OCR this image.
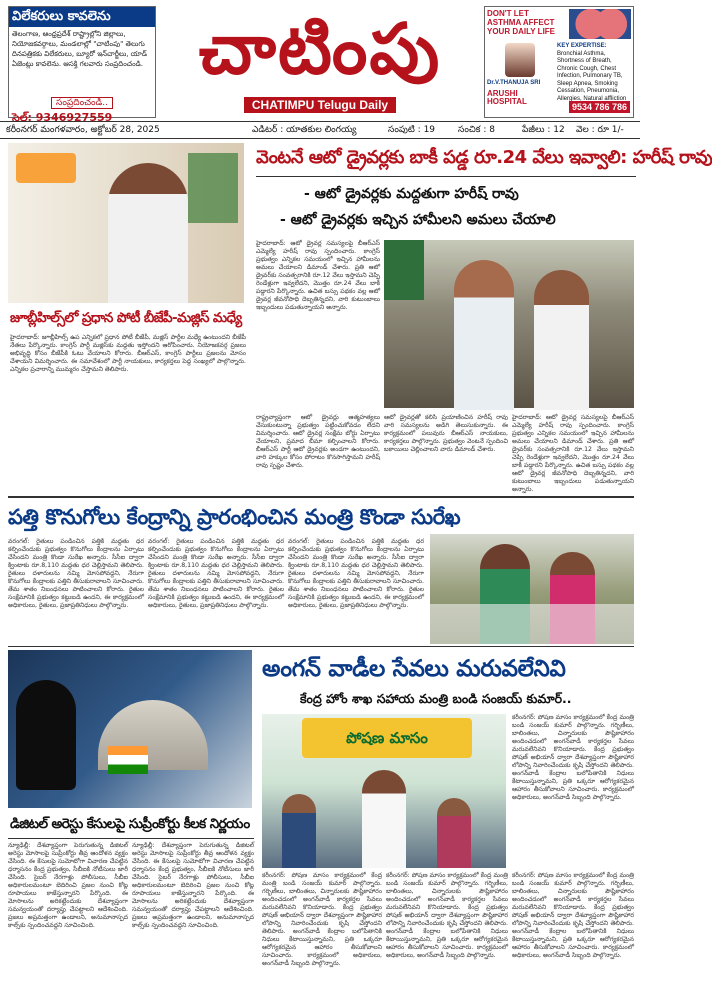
విలేకరులు కావలెను
తెలంగాణ, ఆంధ్రప్రదేశ్ రాష్ట్రాల్లోని జిల్లాలు, నియోజకవర్గాలు, మండలాల్లో "చాటింపు" తెలుగు దినపత్రికకు విలేకరులు, బ్యూరో ఇన్‌చార్జీలు, యాడ్ ఏజెంట్లు కావలెను. ఆసక్తి గలవారు సంప్రదించండి.
సంప్రదించండి..
సెల్: 9346927559
చాటింపు
CHATIMPU Telugu Daily
DON'T LET ASTHMA AFFECT YOUR DAILY LIFE
Dr.V.THANUJA SRI
ARUSHI HOSPITAL
KEY EXPERTISE:
Bronchial Asthma, Shortness of Breath, Chronic Cough, Chest Infection, Pulmonary TB, Sleep Apnea, Smoking Cessation, Pneumonia, Allergies, Natural affliction
9534 786 786
కరీంనగర్ మంగళవారం, అక్టోబర్ 28, 2025	ఎడిటర్ : యాతకుల లింగయ్య	సంపుటి : 19	సంచిక : 8	పేజీలు : 12 వెల : రూ 1/-
వెంటనే ఆటో డ్రైవర్లకు బాకీ పడ్డ రూ.24 వేలు ఇవ్వాలి: హరీష్ రావు
- ఆటో డ్రైవర్లకు మద్దతుగా హరీష్ రావు
- ఆటో డ్రైవర్లకు ఇచ్చిన హామీలని అమలు చేయాలి
హైదరాబాద్: ఆటో డ్రైవర్ల సమస్యలపై బీఆర్ఎస్ ఎమ్మెల్యే హరీష్ రావు స్పందించారు. కాంగ్రెస్ ప్రభుత్వం ఎన్నికల సమయంలో ఇచ్చిన హామీలను అమలు చేయాలని డిమాండ్ చేశారు. ప్రతి ఆటో డ్రైవర్‌కు సంవత్సరానికి రూ.12 వేలు ఇస్తామని చెప్పి రెండేళ్లుగా ఇవ్వలేదని, మొత్తం రూ.24 వేలు బాకీ పడ్డారని పేర్కొన్నారు. ఉచిత బస్సు పథకం వల్ల ఆటో డ్రైవర్ల జీవనోపాధి దెబ్బతిన్నదని, వారి కుటుంబాలు ఇబ్బందులు పడుతున్నాయని అన్నారు.
రాష్ట్రవ్యాప్తంగా ఆటో డ్రైవర్లు ఆత్మహత్యలు చేసుకుంటున్నా ప్రభుత్వం పట్టించుకోవడం లేదని విమర్శించారు. ఆటో డ్రైవర్ల సంక్షేమ బోర్డు ఏర్పాటు చేయాలని, ప్రమాద బీమా కల్పించాలని కోరారు. బీఆర్ఎస్ పార్టీ ఆటో డ్రైవర్లకు అండగా ఉంటుందని, వారి హక్కుల కోసం పోరాటం కొనసాగిస్తామని హరీష్ రావు స్పష్టం చేశారు.
ఆటో డ్రైవర్లతో కలిసి ప్రయాణించిన హరీష్ రావు వారి సమస్యలను అడిగి తెలుసుకున్నారు. ఈ కార్యక్రమంలో పలువురు బీఆర్ఎస్ నాయకులు, కార్యకర్తలు పాల్గొన్నారు. ప్రభుత్వం వెంటనే స్పందించి బకాయిలు చెల్లించాలని వారు డిమాండ్ చేశారు.
హైదరాబాద్: ఆటో డ్రైవర్ల సమస్యలపై బీఆర్ఎస్ ఎమ్మెల్యే హరీష్ రావు స్పందించారు. కాంగ్రెస్ ప్రభుత్వం ఎన్నికల సమయంలో ఇచ్చిన హామీలను అమలు చేయాలని డిమాండ్ చేశారు. ప్రతి ఆటో డ్రైవర్‌కు సంవత్సరానికి రూ.12 వేలు ఇస్తామని చెప్పి రెండేళ్లుగా ఇవ్వలేదని, మొత్తం రూ.24 వేలు బాకీ పడ్డారని పేర్కొన్నారు. ఉచిత బస్సు పథకం వల్ల ఆటో డ్రైవర్ల జీవనోపాధి దెబ్బతిన్నదని, వారి కుటుంబాలు ఇబ్బందులు పడుతున్నాయని అన్నారు.
జూబ్లీహిల్స్‌లో ప్రధాన పోటీ బీజేపీ-మజ్లిస్ మధ్యే
హైదరాబాద్: జూబ్లీహిల్స్ ఉప ఎన్నికలో ప్రధాన పోటీ బీజేపీ, మజ్లిస్ పార్టీల మధ్యే ఉంటుందని బీజేపీ నేతలు పేర్కొన్నారు. కాంగ్రెస్ పార్టీ మజ్లిస్‌కు మద్దతు ఇస్తోందని ఆరోపించారు. నియోజకవర్గ ప్రజలు అభివృద్ధి కోసం బీజేపీకి ఓటు వేయాలని కోరారు. బీఆర్ఎస్, కాంగ్రెస్ పార్టీలు ప్రజలను మోసం చేశాయని విమర్శించారు. ఈ సమావేశంలో పార్టీ నాయకులు, కార్యకర్తలు పెద్ద సంఖ్యలో పాల్గొన్నారు. ఎన్నికల ప్రచారాన్ని ముమ్మరం చేస్తామని తెలిపారు.
పత్తి కొనుగోలు కేంద్రాన్ని ప్రారంభించిన మంత్రి కొండా సురేఖ
వరంగల్: రైతులు పండించిన పత్తికి మద్దతు ధర కల్పించేందుకు ప్రభుత్వం కొనుగోలు కేంద్రాలను ఏర్పాటు చేసిందని మంత్రి కొండా సురేఖ అన్నారు. సీసీఐ ద్వారా క్వింటాకు రూ.8,110 మద్దతు ధర చెల్లిస్తామని తెలిపారు. రైతులు దళారులను నమ్మి మోసపోవద్దని, నేరుగా కొనుగోలు కేంద్రాలకు పత్తిని తీసుకురావాలని సూచించారు. తేమ శాతం నిబంధనలు పాటించాలని కోరారు. రైతుల సంక్షేమానికి ప్రభుత్వం కట్టుబడి ఉందని, ఈ కార్యక్రమంలో అధికారులు, రైతులు, ప్రజాప్రతినిధులు పాల్గొన్నారు.
వరంగల్: రైతులు పండించిన పత్తికి మద్దతు ధర కల్పించేందుకు ప్రభుత్వం కొనుగోలు కేంద్రాలను ఏర్పాటు చేసిందని మంత్రి కొండా సురేఖ అన్నారు. సీసీఐ ద్వారా క్వింటాకు రూ.8,110 మద్దతు ధర చెల్లిస్తామని తెలిపారు. రైతులు దళారులను నమ్మి మోసపోవద్దని, నేరుగా కొనుగోలు కేంద్రాలకు పత్తిని తీసుకురావాలని సూచించారు. తేమ శాతం నిబంధనలు పాటించాలని కోరారు. రైతుల సంక్షేమానికి ప్రభుత్వం కట్టుబడి ఉందని, ఈ కార్యక్రమంలో అధికారులు, రైతులు, ప్రజాప్రతినిధులు పాల్గొన్నారు.
వరంగల్: రైతులు పండించిన పత్తికి మద్దతు ధర కల్పించేందుకు ప్రభుత్వం కొనుగోలు కేంద్రాలను ఏర్పాటు చేసిందని మంత్రి కొండా సురేఖ అన్నారు. సీసీఐ ద్వారా క్వింటాకు రూ.8,110 మద్దతు ధర చెల్లిస్తామని తెలిపారు. రైతులు దళారులను నమ్మి మోసపోవద్దని, నేరుగా కొనుగోలు కేంద్రాలకు పత్తిని తీసుకురావాలని సూచించారు. తేమ శాతం నిబంధనలు పాటించాలని కోరారు. రైతుల సంక్షేమానికి ప్రభుత్వం కట్టుబడి ఉందని, ఈ కార్యక్రమంలో అధికారులు, రైతులు, ప్రజాప్రతినిధులు పాల్గొన్నారు.
డిజిటల్ అరెస్టు కేసులపై సుప్రీంకోర్టు కీలక నిర్ణయం
న్యూఢిల్లీ: దేశవ్యాప్తంగా పెరుగుతున్న డిజిటల్ అరెస్టు మోసాలపై సుప్రీంకోర్టు తీవ్ర ఆందోళన వ్యక్తం చేసింది. ఈ కేసులపై సుమోటోగా విచారణ చేపట్టిన ధర్మాసనం కేంద్ర ప్రభుత్వం, సీబీఐకి నోటీసులు జారీ చేసింది. సైబర్ నేరగాళ్లు పోలీసులు, సీబీఐ అధికారులమంటూ బెదిరించి ప్రజల నుంచి కోట్ల రూపాయలు కాజేస్తున్నారని పేర్కొంది. ఈ మోసాలను అరికట్టేందుకు దేశవ్యాప్తంగా సమన్వయంతో దర్యాప్తు చేపట్టాలని ఆదేశించింది. ప్రజలు అప్రమత్తంగా ఉండాలని, అనుమానాస్పద కాల్స్‌కు స్పందించవద్దని సూచించింది.
న్యూఢిల్లీ: దేశవ్యాప్తంగా పెరుగుతున్న డిజిటల్ అరెస్టు మోసాలపై సుప్రీంకోర్టు తీవ్ర ఆందోళన వ్యక్తం చేసింది. ఈ కేసులపై సుమోటోగా విచారణ చేపట్టిన ధర్మాసనం కేంద్ర ప్రభుత్వం, సీబీఐకి నోటీసులు జారీ చేసింది. సైబర్ నేరగాళ్లు పోలీసులు, సీబీఐ అధికారులమంటూ బెదిరించి ప్రజల నుంచి కోట్ల రూపాయలు కాజేస్తున్నారని పేర్కొంది. ఈ మోసాలను అరికట్టేందుకు దేశవ్యాప్తంగా సమన్వయంతో దర్యాప్తు చేపట్టాలని ఆదేశించింది. ప్రజలు అప్రమత్తంగా ఉండాలని, అనుమానాస్పద కాల్స్‌కు స్పందించవద్దని సూచించింది.
అంగన్ వాడీల సేవలు మరువలేనివి
కేంద్ర హోం శాఖ సహాయ మంత్రి బండి సంజయ్ కుమార్..
పోషణ మాసం
కరీంనగర్: పోషణ మాసం కార్యక్రమంలో కేంద్ర మంత్రి బండి సంజయ్ కుమార్ పాల్గొన్నారు. గర్భిణీలు, బాలింతలు, చిన్నారులకు పౌష్టికాహారం అందించడంలో అంగన్‌వాడీ కార్యకర్తల సేవలు మరువలేనివని కొనియాడారు. కేంద్ర ప్రభుత్వం పోషణ్ అభియాన్ ద్వారా దేశవ్యాప్తంగా పౌష్టికాహార లోపాన్ని నివారించేందుకు కృషి చేస్తోందని తెలిపారు. అంగన్‌వాడీ కేంద్రాల బలోపేతానికి నిధులు కేటాయిస్తున్నామని, ప్రతి ఒక్కరూ ఆరోగ్యకరమైన ఆహారం తీసుకోవాలని సూచించారు. కార్యక్రమంలో అధికారులు, అంగన్‌వాడీ సిబ్బంది పాల్గొన్నారు.
కరీంనగర్: పోషణ మాసం కార్యక్రమంలో కేంద్ర మంత్రి బండి సంజయ్ కుమార్ పాల్గొన్నారు. గర్భిణీలు, బాలింతలు, చిన్నారులకు పౌష్టికాహారం అందించడంలో అంగన్‌వాడీ కార్యకర్తల సేవలు మరువలేనివని కొనియాడారు. కేంద్ర ప్రభుత్వం పోషణ్ అభియాన్ ద్వారా దేశవ్యాప్తంగా పౌష్టికాహార లోపాన్ని నివారించేందుకు కృషి చేస్తోందని తెలిపారు. అంగన్‌వాడీ కేంద్రాల బలోపేతానికి నిధులు కేటాయిస్తున్నామని, ప్రతి ఒక్కరూ ఆరోగ్యకరమైన ఆహారం తీసుకోవాలని సూచించారు. కార్యక్రమంలో అధికారులు, అంగన్‌వాడీ సిబ్బంది పాల్గొన్నారు.
కరీంనగర్: పోషణ మాసం కార్యక్రమంలో కేంద్ర మంత్రి బండి సంజయ్ కుమార్ పాల్గొన్నారు. గర్భిణీలు, బాలింతలు, చిన్నారులకు పౌష్టికాహారం అందించడంలో అంగన్‌వాడీ కార్యకర్తల సేవలు మరువలేనివని కొనియాడారు. కేంద్ర ప్రభుత్వం పోషణ్ అభియాన్ ద్వారా దేశవ్యాప్తంగా పౌష్టికాహార లోపాన్ని నివారించేందుకు కృషి చేస్తోందని తెలిపారు. అంగన్‌వాడీ కేంద్రాల బలోపేతానికి నిధులు కేటాయిస్తున్నామని, ప్రతి ఒక్కరూ ఆరోగ్యకరమైన ఆహారం తీసుకోవాలని సూచించారు. కార్యక్రమంలో అధికారులు, అంగన్‌వాడీ సిబ్బంది పాల్గొన్నారు.
కరీంనగర్: పోషణ మాసం కార్యక్రమంలో కేంద్ర మంత్రి బండి సంజయ్ కుమార్ పాల్గొన్నారు. గర్భిణీలు, బాలింతలు, చిన్నారులకు పౌష్టికాహారం అందించడంలో అంగన్‌వాడీ కార్యకర్తల సేవలు మరువలేనివని కొనియాడారు. కేంద్ర ప్రభుత్వం పోషణ్ అభియాన్ ద్వారా దేశవ్యాప్తంగా పౌష్టికాహార లోపాన్ని నివారించేందుకు కృషి చేస్తోందని తెలిపారు. అంగన్‌వాడీ కేంద్రాల బలోపేతానికి నిధులు కేటాయిస్తున్నామని, ప్రతి ఒక్కరూ ఆరోగ్యకరమైన ఆహారం తీసుకోవాలని సూచించారు. కార్యక్రమంలో అధికారులు, అంగన్‌వాడీ సిబ్బంది పాల్గొన్నారు.
